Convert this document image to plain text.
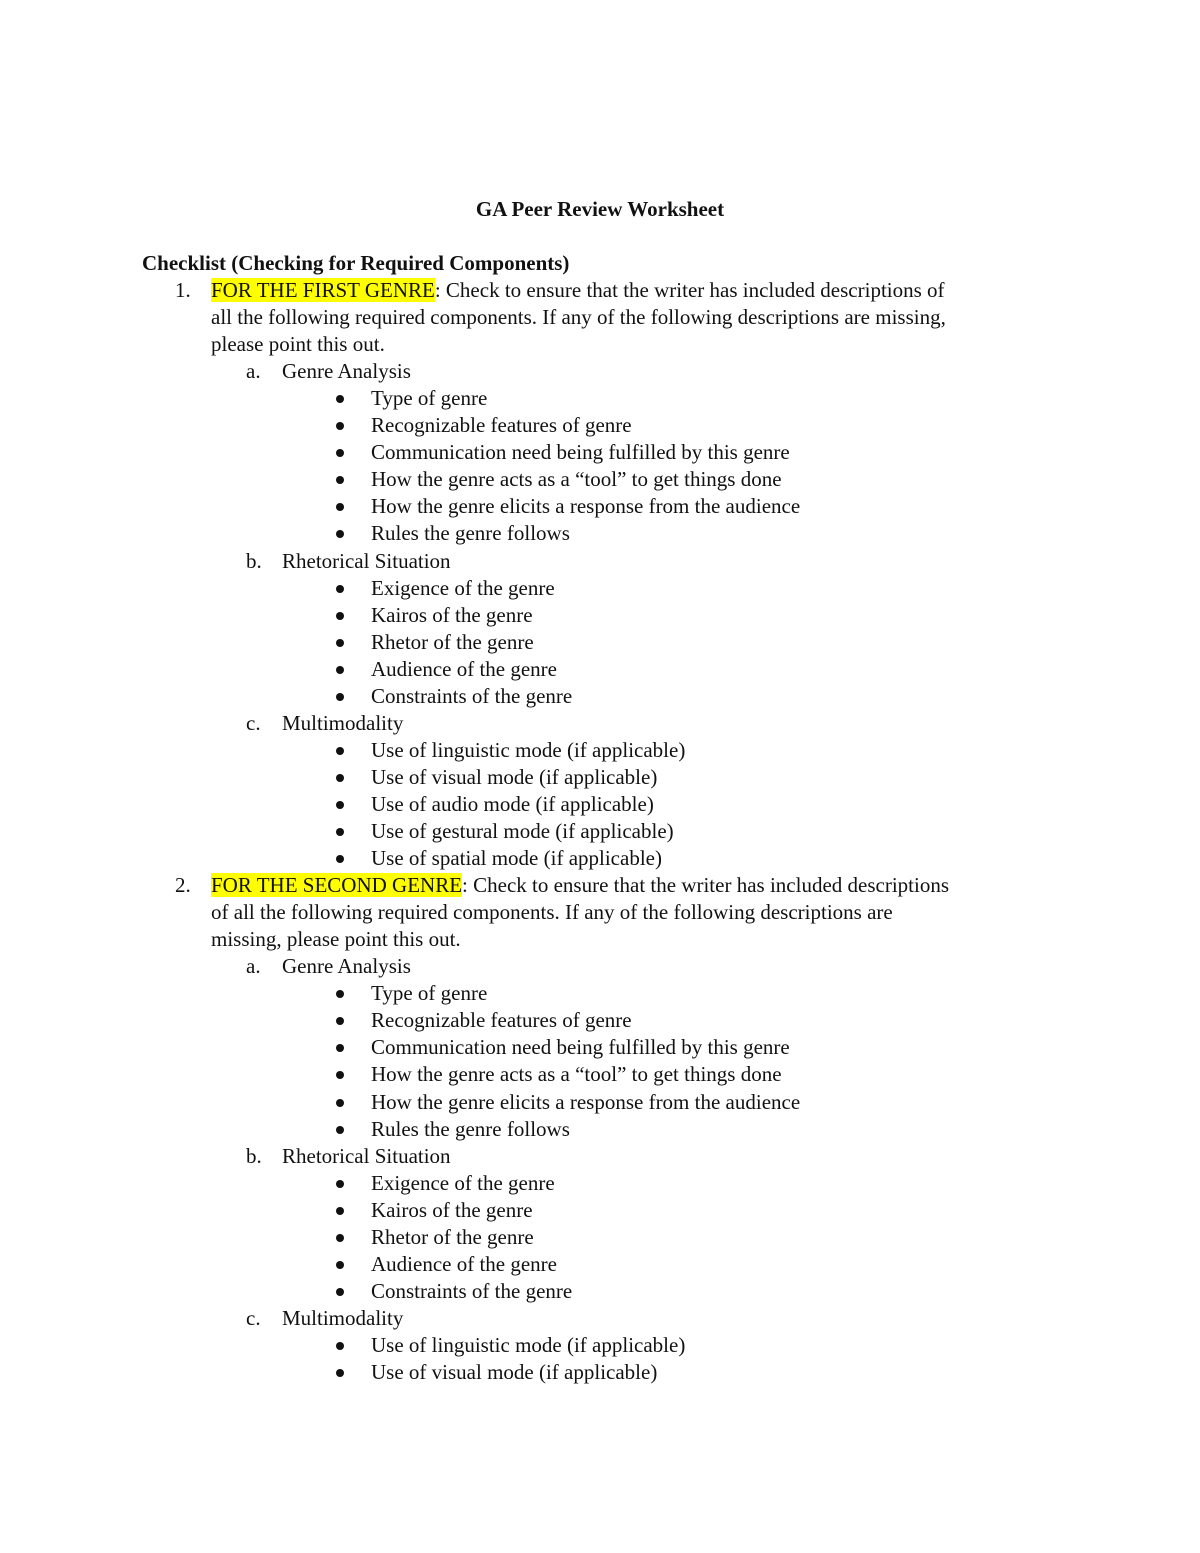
GA Peer Review Worksheet
Checklist (Checking for Required Components)
1. FOR THE FIRST GENRE: Check to ensure that the writer has included descriptions of
all the following required components. If any of the following descriptions are missing,
please point this out.
a. Genre Analysis
Type of genre
Recognizable features of genre
Communication need being fulfilled by this genre
How the genre acts as a “tool” to get things done
How the genre elicits a response from the audience
Rules the genre follows
b. Rhetorical Situation
Exigence of the genre
Kairos of the genre
Rhetor of the genre
Audience of the genre
Constraints of the genre
c. Multimodality
Use of linguistic mode (if applicable)
Use of visual mode (if applicable)
Use of audio mode (if applicable)
Use of gestural mode (if applicable)
Use of spatial mode (if applicable)
2. FOR THE SECOND GENRE: Check to ensure that the writer has included descriptions
of all the following required components. If any of the following descriptions are
missing, please point this out.
a. Genre Analysis
Type of genre
Recognizable features of genre
Communication need being fulfilled by this genre
How the genre acts as a “tool” to get things done
How the genre elicits a response from the audience
Rules the genre follows
b. Rhetorical Situation
Exigence of the genre
Kairos of the genre
Rhetor of the genre
Audience of the genre
Constraints of the genre
c. Multimodality
Use of linguistic mode (if applicable)
Use of visual mode (if applicable)
